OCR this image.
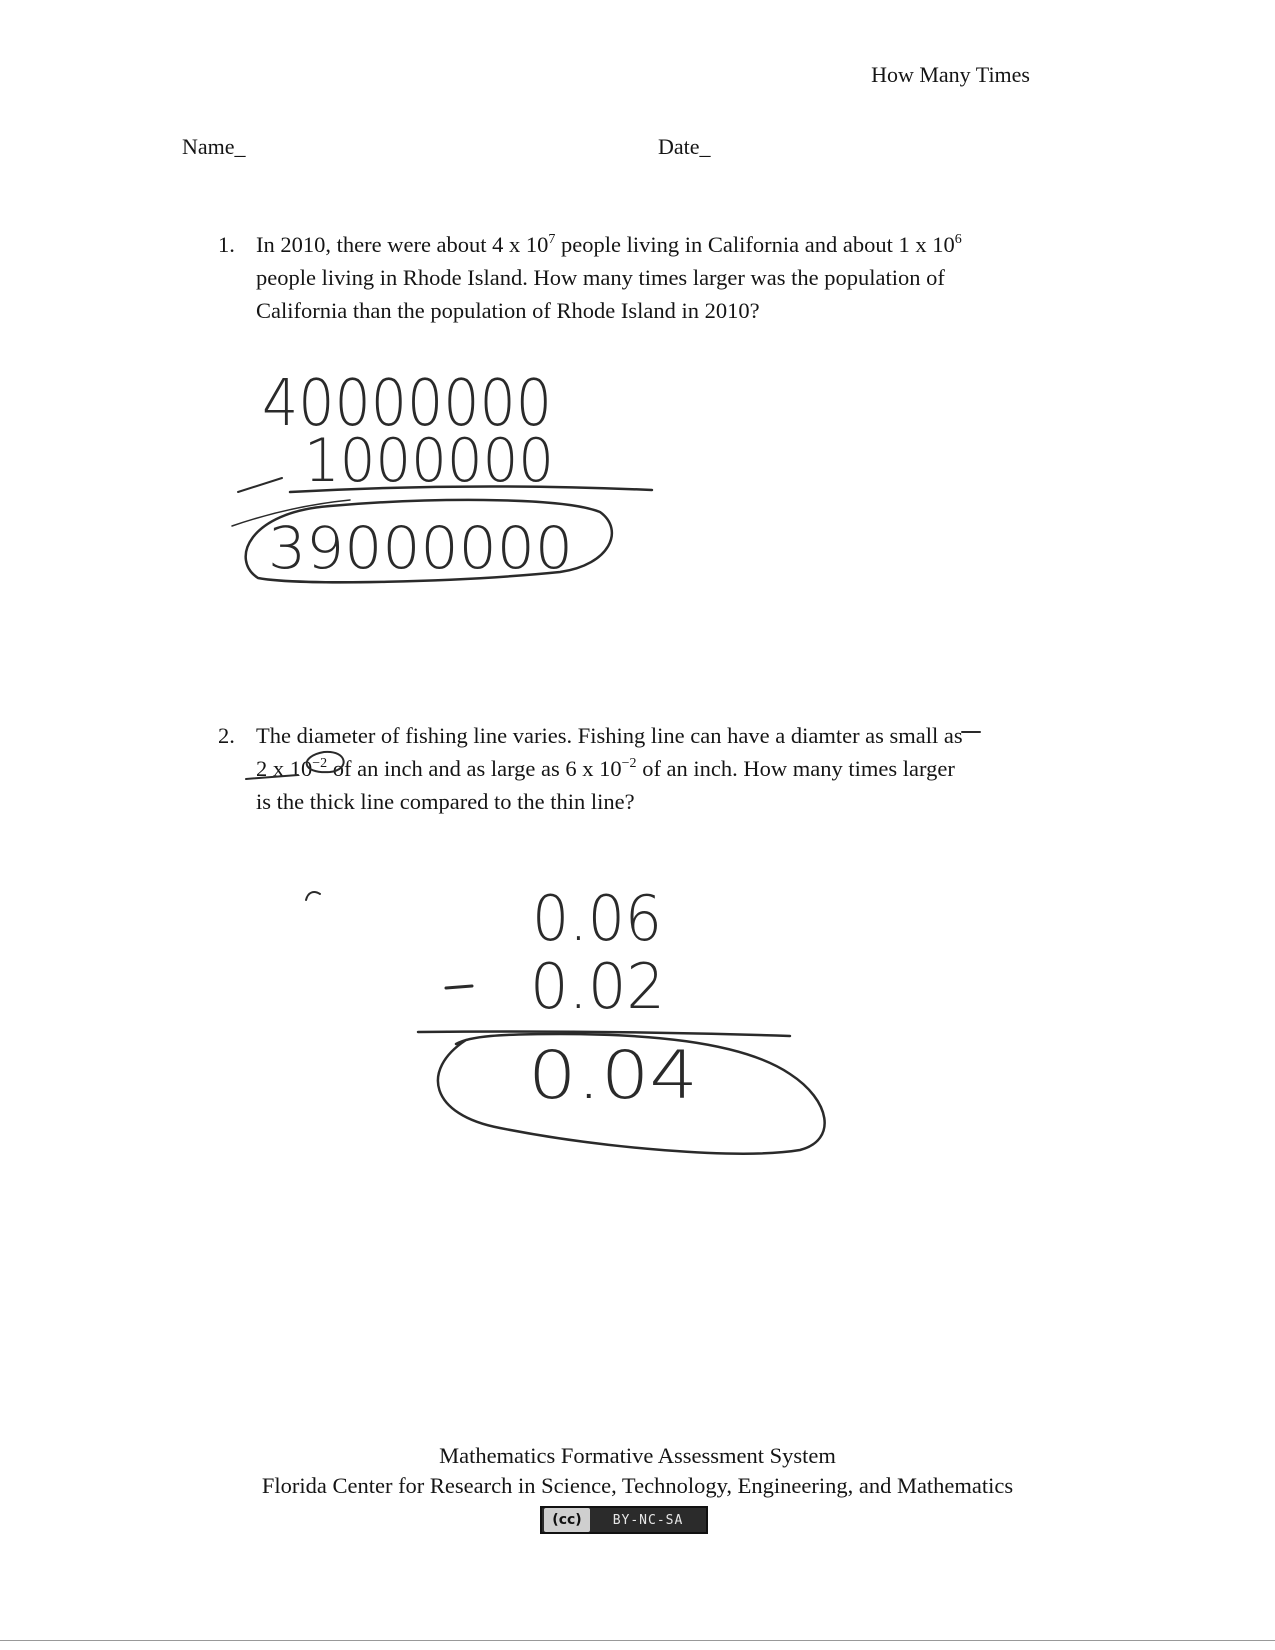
How Many Times
Name_	Date_
1. In 2010, there were about 4 x $10^7$ people living in California and about 1 x $10^6$
people living in Rhode Island. How many times larger was the population of
California than the population of Rhode Island in 2010?
2. The diameter of fishing line varies. Fishing line can have a diamter as small as
2 x $10^{-2}$ of an inch and as large as 6 x $10^{-2}$ of an inch. How many times larger
is the thick line compared to the thin line?
40000000
1000000
39000000
0.06
0.02
0.04
Mathematics Formative Assessment System
Florida Center for Research in Science, Technology, Engineering, and Mathematics
(cc)	BY-NC-SA
